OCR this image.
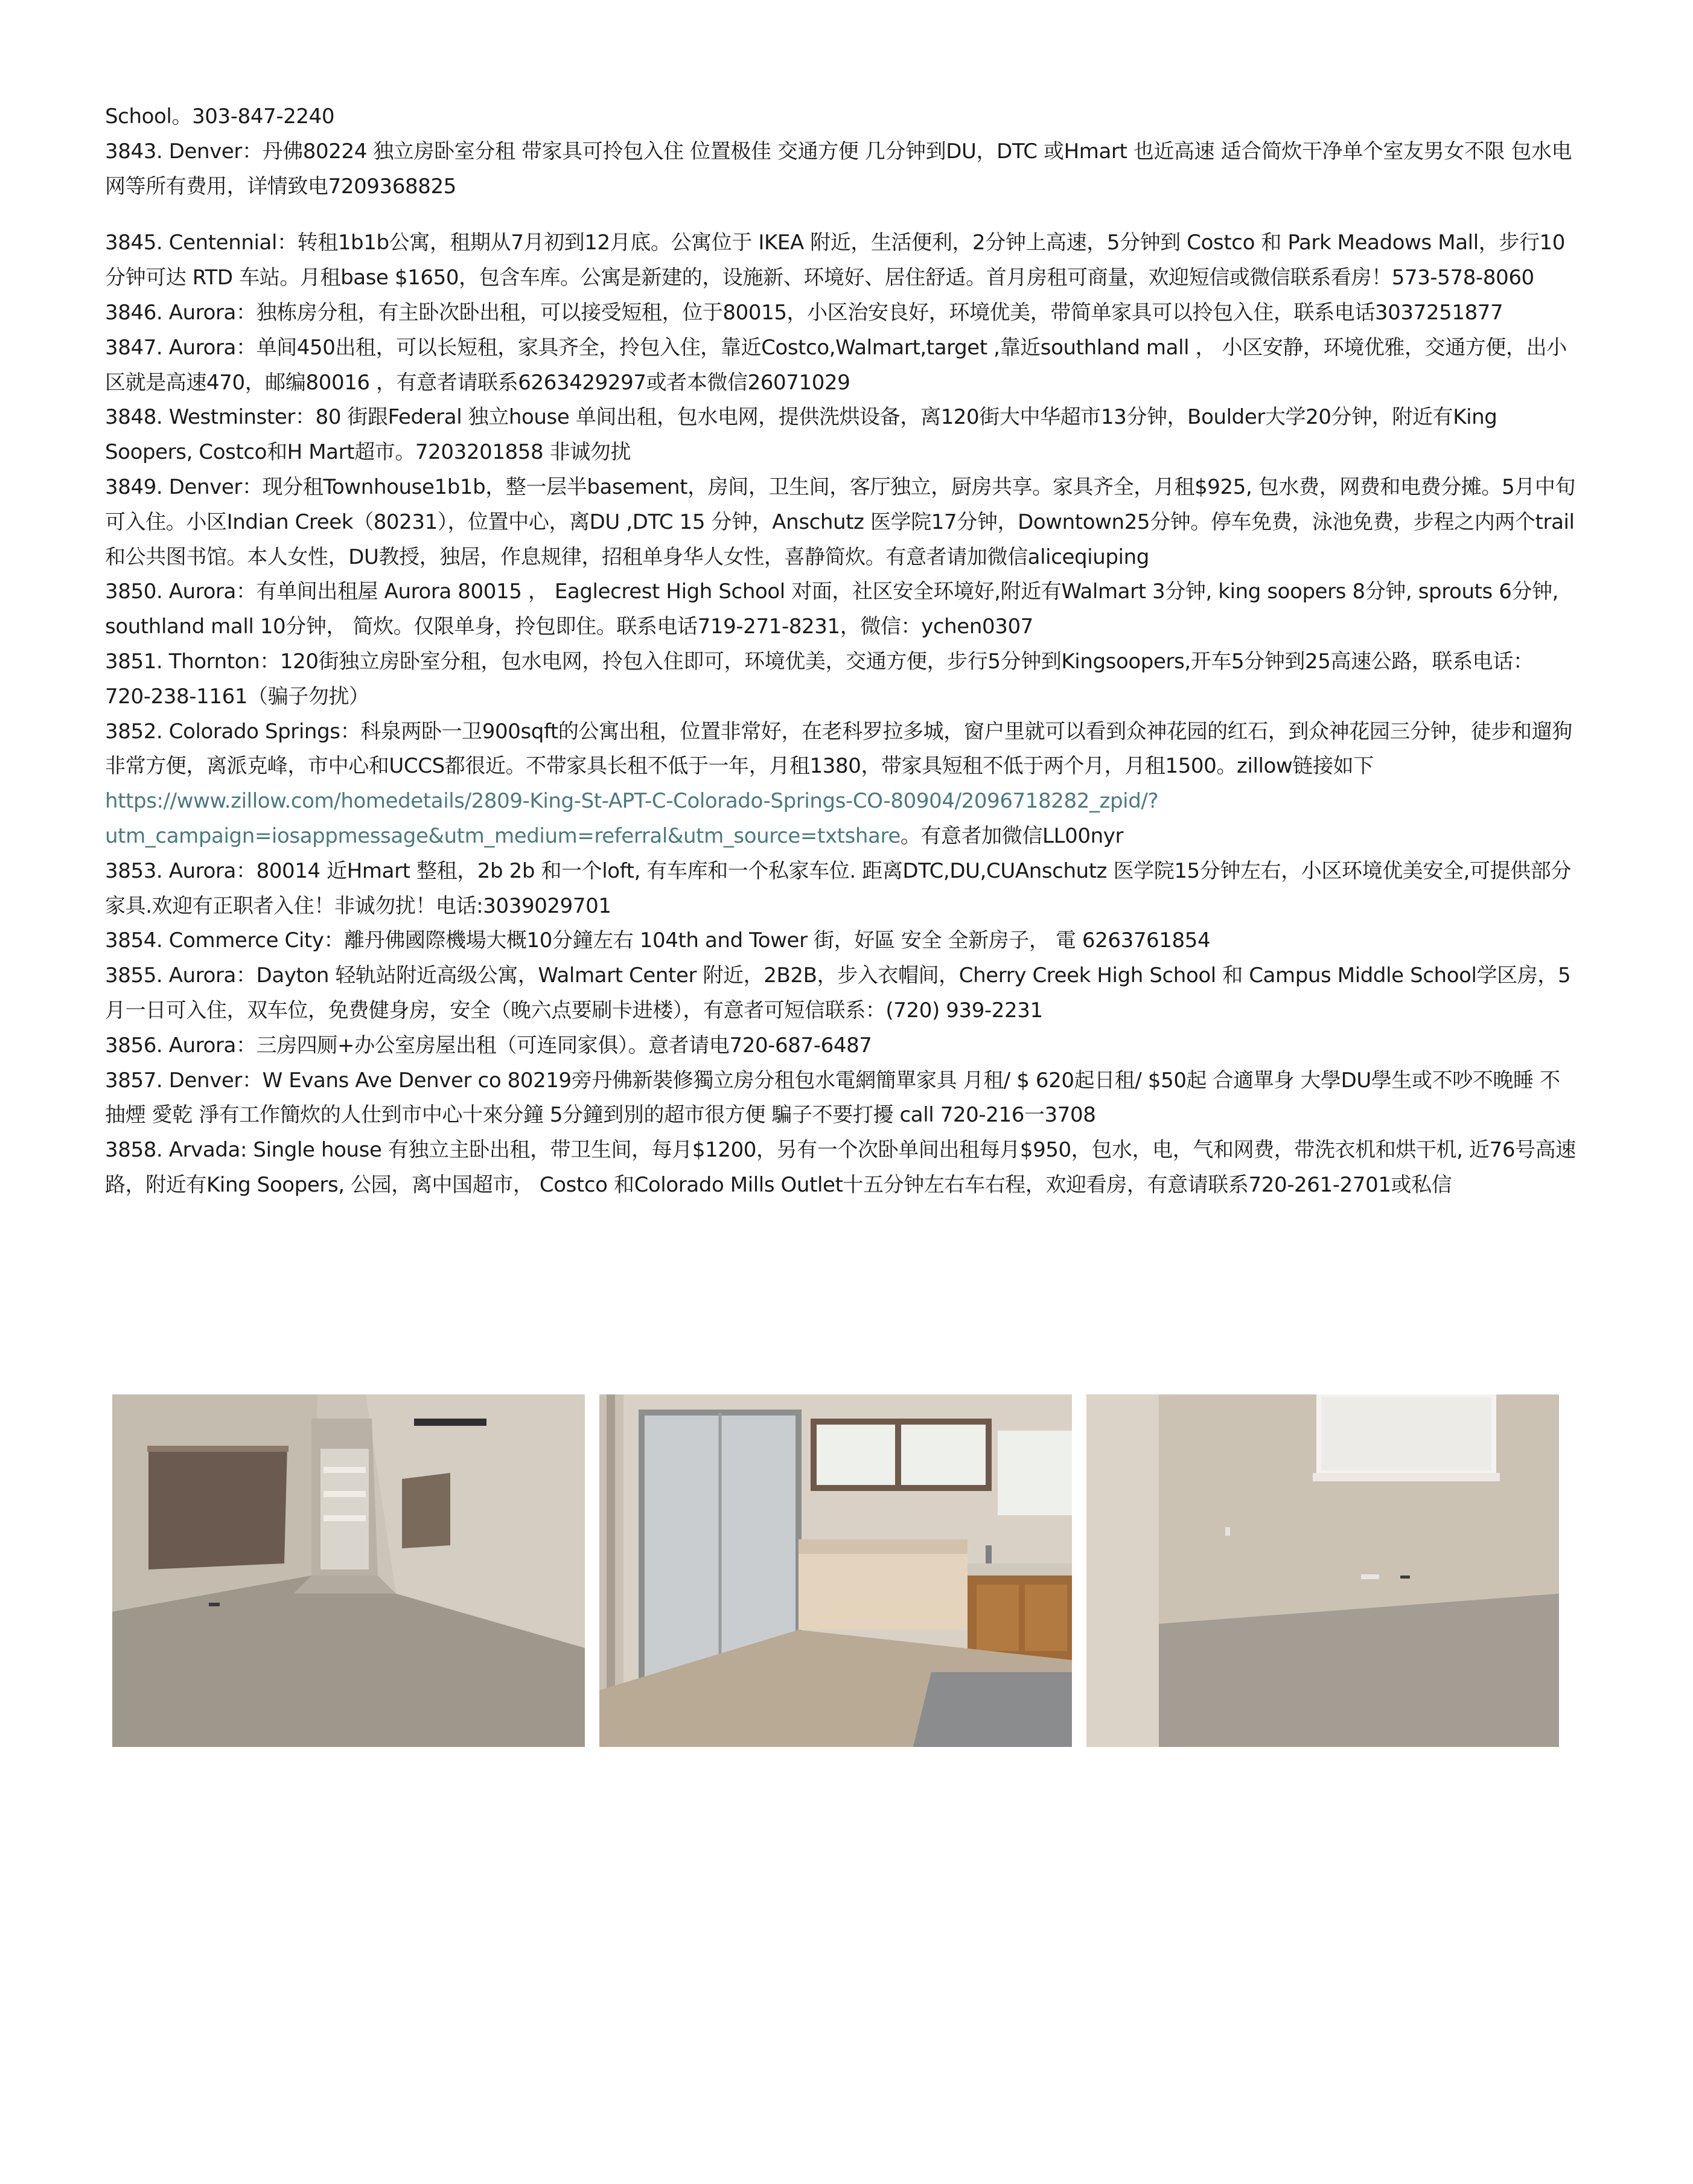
School。303-847-2240

3843. Denver：丹佛80224 独立房卧室分租 带家具可拎包入住 位置极佳 交通方便 几分钟到DU，DTC 或Hmart 也近高速 适合简炊干净单个室友男女不限 包水电网等所有费用，详情致电7209368825

3845. Centennial：转租1b1b公寓，租期从7月初到12月底。公寓位于 IKEA 附近，生活便利，2分钟上高速，5分钟到 Costco 和 Park Meadows Mall，步行10分钟可达 RTD 车站。月租base $1650，包含车库。公寓是新建的，设施新、环境好、居住舒适。首月房租可商量，欢迎短信或微信联系看房！573-578-8060

3846. Aurora：独栋房分租，有主卧次卧出租，可以接受短租，位于80015，小区治安良好，环境优美，带简单家具可以拎包入住，联系电话3037251877

3847. Aurora：单间450出租，可以长短租，家具齐全，拎包入住，靠近Costco,Walmart,target ,靠近southland mall ， 小区安静，环境优雅，交通方便，出小区就是高速470，邮编80016 ，有意者请联系6263429297或者本微信26071029

3848. Westminster：80 街跟Federal 独立house 单间出租，包水电网，提供洗烘设备，离120街大中华超市13分钟，Boulder大学20分钟，附近有King Soopers, Costco和H Mart超市。7203201858 非诚勿扰

3849. Denver：现分租Townhouse1b1b，整一层半basement，房间，卫生间，客厅独立，厨房共享。家具齐全，月租$925, 包水费，网费和电费分摊。5月中旬可入住。小区Indian Creek（80231），位置中心，离DU ,DTC 15 分钟，Anschutz 医学院17分钟，Downtown25分钟。停车免费，泳池免费，步程之内两个trail和公共图书馆。本人女性，DU教授，独居，作息规律，招租单身华人女性，喜静简炊。有意者请加微信aliceqiuping

3850. Aurora：有单间出租屋 Aurora 80015 ， Eaglecrest High School 对面，社区安全环境好,附近有Walmart 3分钟, king soopers 8分钟, sprouts 6分钟, southland mall 10分钟， 简炊。仅限单身，拎包即住。联系电话719-271-8231，微信：ychen0307

3851. Thornton：120街独立房卧室分租，包水电网，拎包入住即可，环境优美，交通方便，步行5分钟到Kingsoopers,开车5分钟到25高速公路，联系电话：720-238-1161（骗子勿扰）

3852. Colorado Springs：科泉两卧一卫900sqft的公寓出租，位置非常好，在老科罗拉多城，窗户里就可以看到众神花园的红石，到众神花园三分钟，徒步和遛狗非常方便，离派克峰，市中心和UCCS都很近。不带家具长租不低于一年，月租1380，带家具短租不低于两个月，月租1500。zillow链接如下https://www.zillow.com/homedetails/2809-King-St-APT-C-Colorado-Springs-CO-80904/2096718282_zpid/?utm_campaign=iosappmessage&utm_medium=referral&utm_source=txtshare。有意者加微信LL00nyr

3853. Aurora：80014 近Hmart 整租，2b 2b 和一个loft, 有车库和一个私家车位. 距离DTC,DU,CUAnschutz 医学院15分钟左右，小区环境优美安全,可提供部分家具.欢迎有正职者入住！非诚勿扰！电话:3039029701

3854. Commerce City：離丹佛國際機場大概10分鐘左右 104th and Tower 街，好區 安全 全新房子， 電 6263761854

3855. Aurora：Dayton 轻轨站附近高级公寓，Walmart Center 附近，2B2B，步入衣帽间，Cherry Creek High School 和 Campus Middle School学区房，5月一日可入住，双车位，免费健身房，安全（晚六点要刷卡进楼），有意者可短信联系：(720) 939-2231

3856. Aurora：三房四厕+办公室房屋出租（可连同家俱）。意者请电720-687-6487

3857. Denver：W Evans Ave Denver co 80219旁丹佛新裝修獨立房分租包水電網簡單家具 月租/ $ 620起日租/ $50起 合適單身 大學DU學生或不吵不晚睡 不抽煙 愛乾 淨有工作簡炊的人仕到市中心十來分鐘 5分鐘到別的超市很方便 騙子不要打擾 call 720-216一3708

3858. Arvada: Single house 有独立主卧出租，带卫生间，每月$1200，另有一个次卧单间出租每月$950，包水，电，气和网费，带洗衣机和烘干机, 近76号高速路，附近有King Soopers, 公园，离中国超市， Costco 和Colorado Mills Outlet十五分钟左右车右程，欢迎看房，有意请联系720-261-2701或私信
